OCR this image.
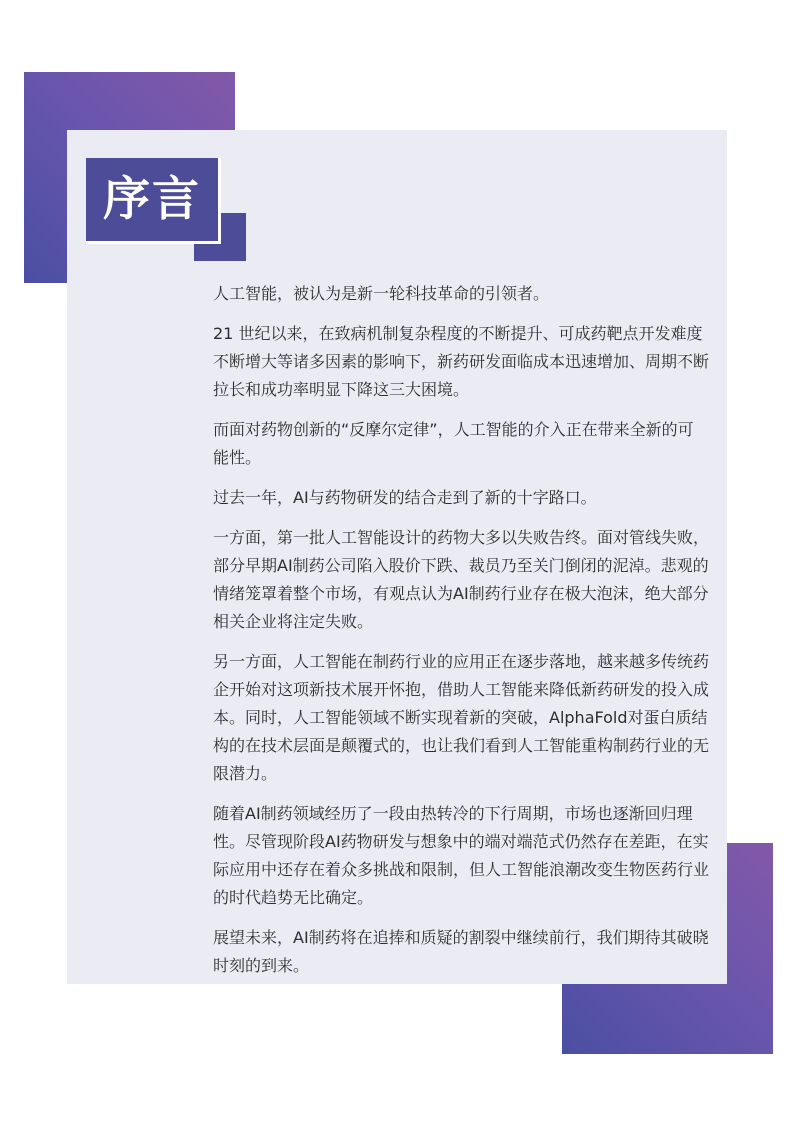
序言

人工智能，被认为是新一轮科技革命的引领者。

21 世纪以来，在致病机制复杂程度的不断提升、可成药靶点开发难度不断增大等诸多因素的影响下，新药研发面临成本迅速增加、周期不断拉长和成功率明显下降这三大困境。

而面对药物创新的“反摩尔定律”，人工智能的介入正在带来全新的可能性。

过去一年，AI与药物研发的结合走到了新的十字路口。

一方面，第一批人工智能设计的药物大多以失败告终。面对管线失败，部分早期AI制药公司陷入股价下跌、裁员乃至关门倒闭的泥淖。悲观的情绪笼罩着整个市场，有观点认为AI制药行业存在极大泡沫，绝大部分相关企业将注定失败。

另一方面，人工智能在制药行业的应用正在逐步落地，越来越多传统药企开始对这项新技术展开怀抱，借助人工智能来降低新药研发的投入成本。同时，人工智能领域不断实现着新的突破，AlphaFold对蛋白质结构的在技术层面是颠覆式的，也让我们看到人工智能重构制药行业的无限潜力。

随着AI制药领域经历了一段由热转冷的下行周期，市场也逐渐回归理性。尽管现阶段AI药物研发与想象中的端对端范式仍然存在差距，在实际应用中还存在着众多挑战和限制，但人工智能浪潮改变生物医药行业的时代趋势无比确定。

展望未来，AI制药将在追捧和质疑的割裂中继续前行，我们期待其破晓时刻的到来。
